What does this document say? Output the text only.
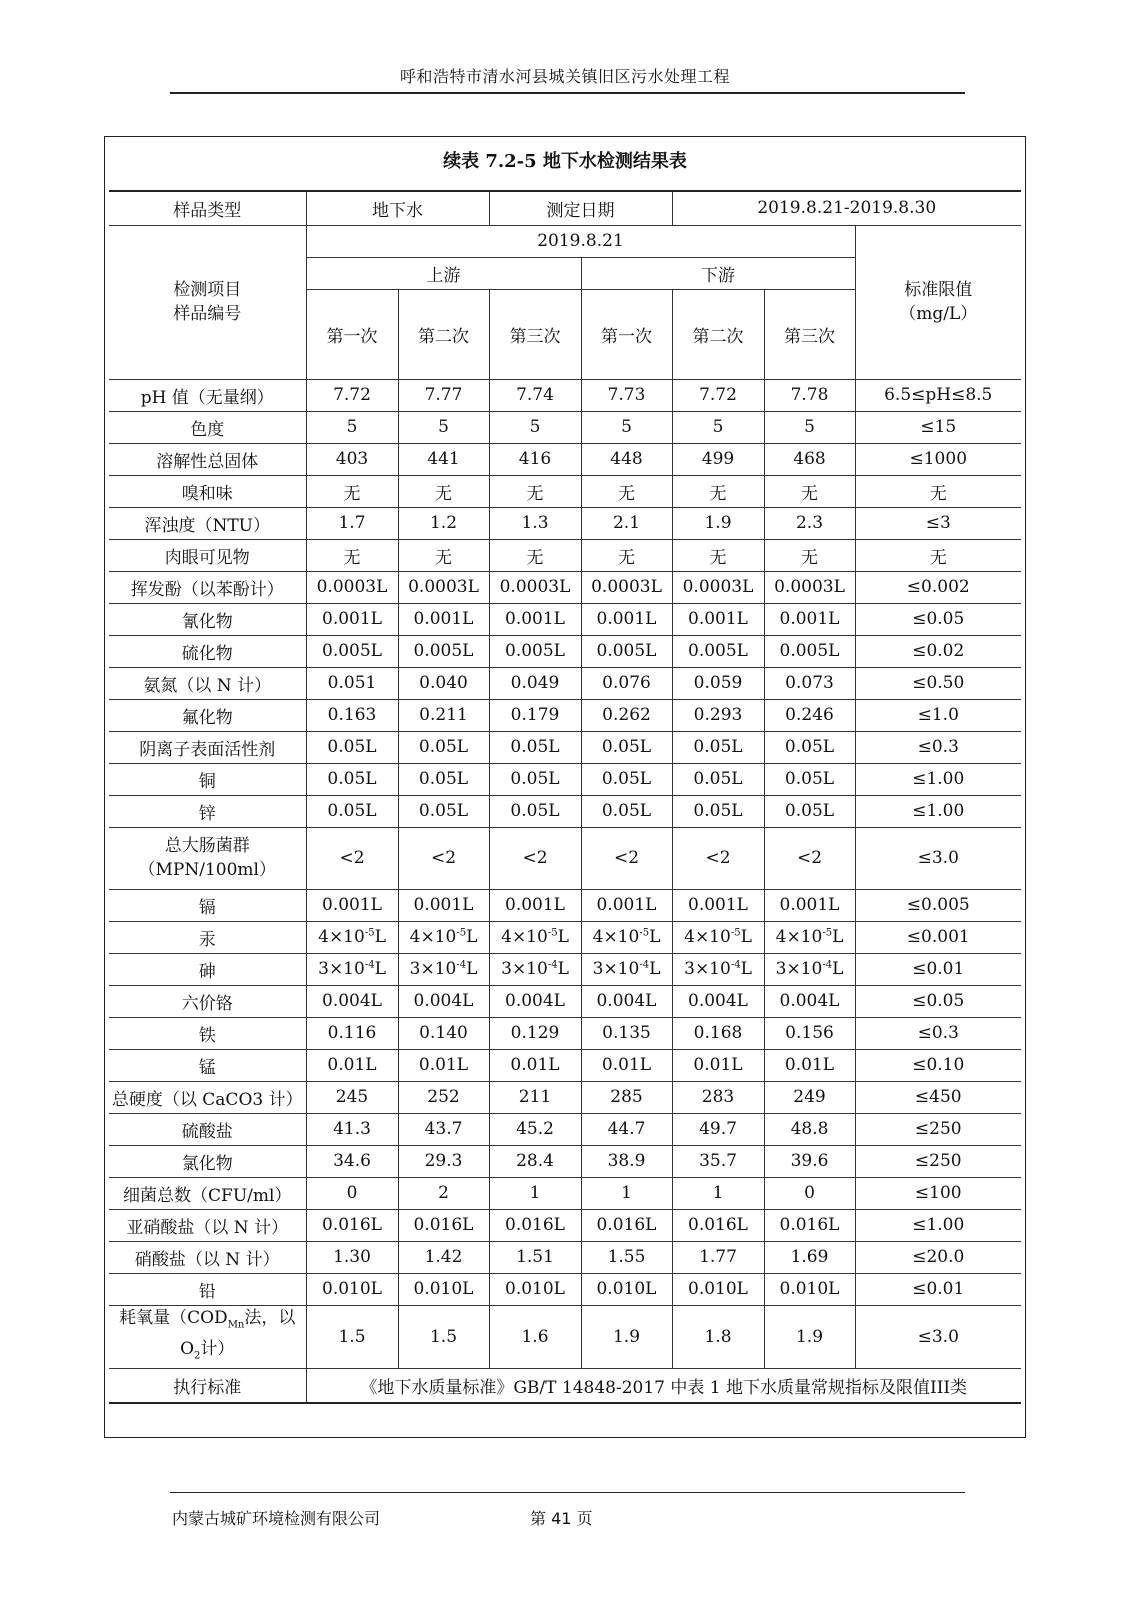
呼和浩特市清水河县城关镇旧区污水处理工程
续表 7.2-5 地下水检测结果表
样品类型	地下水		测定日期		2019.8.21-2019.8.30		
检测项目
样品编号	2019.8.21						标准限值
（mg/L）
	上游			下游			
	第一次	第二次	第三次	第一次	第二次	第三次	
pH 值（无量纲）	7.72	7.77	7.74	7.73	7.72	7.78	6.5≤pH≤8.5
色度	5	5	5	5	5	5	≤15
溶解性总固体	403	441	416	448	499	468	≤1000
嗅和味	无	无	无	无	无	无	无
浑浊度（NTU）	1.7	1.2	1.3	2.1	1.9	2.3	≤3
肉眼可见物	无	无	无	无	无	无	无
挥发酚（以苯酚计）	0.0003L	0.0003L	0.0003L	0.0003L	0.0003L	0.0003L	≤0.002
氰化物	0.001L	0.001L	0.001L	0.001L	0.001L	0.001L	≤0.05
硫化物	0.005L	0.005L	0.005L	0.005L	0.005L	0.005L	≤0.02
氨氮（以 N 计）	0.051	0.040	0.049	0.076	0.059	0.073	≤0.50
氟化物	0.163	0.211	0.179	0.262	0.293	0.246	≤1.0
阴离子表面活性剂	0.05L	0.05L	0.05L	0.05L	0.05L	0.05L	≤0.3
铜	0.05L	0.05L	0.05L	0.05L	0.05L	0.05L	≤1.00
锌	0.05L	0.05L	0.05L	0.05L	0.05L	0.05L	≤1.00
总大肠菌群
（MPN/100ml）	<2	<2	<2	<2	<2	<2	≤3.0
镉	0.001L	0.001L	0.001L	0.001L	0.001L	0.001L	≤0.005
汞	$4\times 10^{-5}L$	$4\times 10^{-5}L$	$4\times 10^{-5}L$	$4\times 10^{-5}L$	$4\times 10^{-5}L$	$4\times 10^{-5}L$	≤0.001
砷	$3\times 10^{-4}L$	$3\times 10^{-4}L$	$3\times 10^{-4}L$	$3\times 10^{-4}L$	$3\times 10^{-4}L$	$3\times 10^{-4}L$	≤0.01
六价铬	0.004L	0.004L	0.004L	0.004L	0.004L	0.004L	≤0.05
铁	0.116	0.140	0.129	0.135	0.168	0.156	≤0.3
锰	0.01L	0.01L	0.01L	0.01L	0.01L	0.01L	≤0.10
总硬度（以 CaCO3 计）	245	252	211	285	283	249	≤450
硫酸盐	41.3	43.7	45.2	44.7	49.7	48.8	≤250
氯化物	34.6	29.3	28.4	38.9	35.7	39.6	≤250
细菌总数（CFU/ml）	0	2	1	1	1	0	≤100
亚硝酸盐（以 N 计）	0.016L	0.016L	0.016L	0.016L	0.016L	0.016L	≤1.00
硝酸盐（以 N 计）	1.30	1.42	1.51	1.55	1.77	1.69	≤20.0
铅	0.010L	0.010L	0.010L	0.010L	0.010L	0.010L	≤0.01
耗氧量（$COD_{Mn}$法，以
$O_2$计）	1.5	1.5	1.6	1.9	1.8	1.9	≤3.0
执行标准	《地下水质量标准》GB/T 14848-2017 中表 1 地下水质量常规指标及限值III类						
内蒙古城矿环境检测有限公司	第 41 页
